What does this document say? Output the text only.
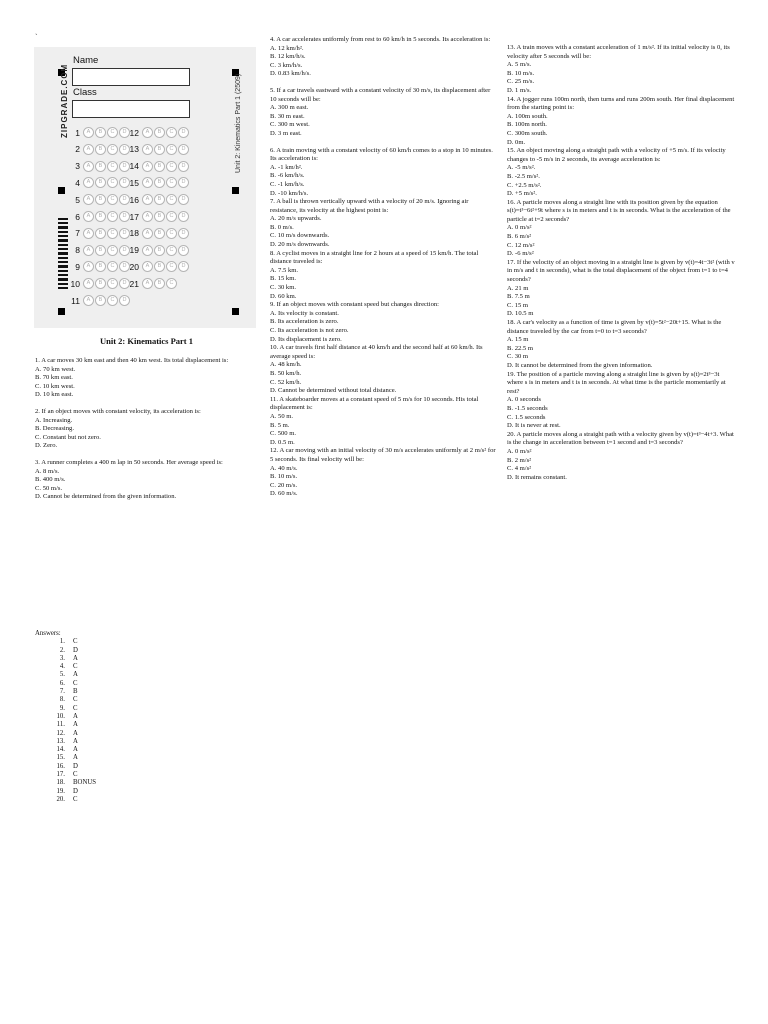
`
Name
Class
1	A	B	C	D 12	A	B	C	D
2	A	B	C	D 13	A	B	C	D
3	A	B	C	D 14	A	B	C	D
4	A	B	C	D 15	A	B	C	D
5	A	B	C	D 16	A	B	C	D
6	A	B	C	D 17	A	B	C	D
7	A	B	C	D 18	A	B	C	D
8	A	B	C	D 19	A	B	C	D
9	A	B	C	D 20	A	B	C	D
10	A	B	C	D 21	A	B	C
11	A	B	C	D
ZIPGRADE.COM	Unit 2: Kinematics Part 1 (2509)
Unit 2: Kinematics Part 1

1. A car moves 30 km east and then 40 km west. Its total displacement is:

A. 70 km west.

B. 70 km east.

C. 10 km west.

D. 10 km east.

2. If an object moves with constant velocity, its acceleration is:

A. Increasing.

B. Decreasing.

C. Constant but not zero.

D. Zero.

3. A runner completes a 400 m lap in 50 seconds. Her average speed is:

A. 8 m/s.

B. 400 m/s.

C. 50 m/s.

D. Cannot be determined from the given information.

4. A car accelerates uniformly from rest to 60 km/h in 5 seconds. Its acceleration is:

A. 12 km/h².

B. 12 km/h/s.

C. 3 km/h/s.

D. 0.83 km/h/s.

5. If a car travels eastward with a constant velocity of 30 m/s, its displacement after 10 seconds will be:

A. 300 m east.

B. 30 m east.

C. 300 m west.

D. 3 m east.

6. A train moving with a constant velocity of 60 km/h comes to a stop in 10 minutes. Its acceleration is:

A. -1 km/h².

B. -6 km/h/s.

C. -1 km/h/s.

D. -10 km/h/s.

7. A ball is thrown vertically upward with a velocity of 20 m/s. Ignoring air resistance, its velocity at the highest point is:

A. 20 m/s upwards.

B. 0 m/s.

C. 10 m/s downwards.

D. 20 m/s downwards.

8. A cyclist moves in a straight line for 2 hours at a speed of 15 km/h. The total distance traveled is:

A. 7.5 km.

B. 15 km.

C. 30 km.

D. 60 km.

9. If an object moves with constant speed but changes direction:

A. Its velocity is constant.

B. Its acceleration is zero.

C. Its acceleration is not zero.

D. Its displacement is zero.

10. A car travels first half distance at 40 km/h and the second half at 60 km/h. Its average speed is:

A. 48 km/h.

B. 50 km/h.

C. 52 km/h.

D. Cannot be determined without total distance.

11. A skateboarder moves at a constant speed of 5 m/s for 10 seconds. His total displacement is:

A. 50 m.

B. 5 m.

C. 500 m.

D. 0.5 m.

12. A car moving with an initial velocity of 30 m/s accelerates uniformly at 2 m/s² for 5 seconds. Its final velocity will be:

A. 40 m/s.

B. 10 m/s.

C. 20 m/s.

D. 60 m/s.

13. A train moves with a constant acceleration of 1 m/s². If its initial velocity is 0, its velocity after 5 seconds will be:

A. 5 m/s.

B. 10 m/s.

C. 25 m/s.

D. 1 m/s.

14. A jogger runs 100m north, then turns and runs 200m south. Her final displacement from the starting point is:

A. 100m south.

B. 100m north.

C. 300m south.

D. 0m.

15. An object moving along a straight path with a velocity of +5 m/s. If its velocity changes to -5 m/s in 2 seconds, its average acceleration is:

A. -5 m/s².

B. -2.5 m/s².

C. +2.5 m/s².

D. +5 m/s².

16. A particle moves along a straight line with its position given by the equation s(t)=t³−6t²+9t where s is in meters and t is in seconds. What is the acceleration of the particle at t=2 seconds?

A. 0 m/s²

B. 6 m/s²

C. 12 m/s²

D. -6 m/s²

17. If the velocity of an object moving in a straight line is given by v(t)=4t−3t² (with v in m/s and t in seconds), what is the total displacement of the object from t=1 to t=4 seconds?

A. 21 m

B. 7.5 m

C. 15 m

D. 10.5 m

18. A car's velocity as a function of time is given by v(t)=5t²−20t+15. What is the distance traveled by the car from t=0 to t=3 seconds?

A. 15 m

B. 22.5 m

C. 30 m

D. It cannot be determined from the given information.

19. The position of a particle moving along a straight line is given by s(t)=2t³−3t where s is in meters and t is in seconds. At what time is the particle momentarily at rest?

A. 0 seconds

B. -1.5 seconds

C. 1.5 seconds

D. It is never at rest.

20. A particle moves along a straight path with a velocity given by v(t)=t³−4t+3. What is the change in acceleration between t=1 second and t=3 seconds?

A. 0 m/s²

B. 2 m/s²

C. 4 m/s²

D. It remains constant.

Answers:
1.	C
2.	D
3.	A
4.	C
5.	A
6.	C
7.	B
8.	C
9.	C
10.	A
11.	A
12.	A
13.	A
14.	A
15.	A
16.	D
17.	C
18.	BONUS
19.	D
20.	C
